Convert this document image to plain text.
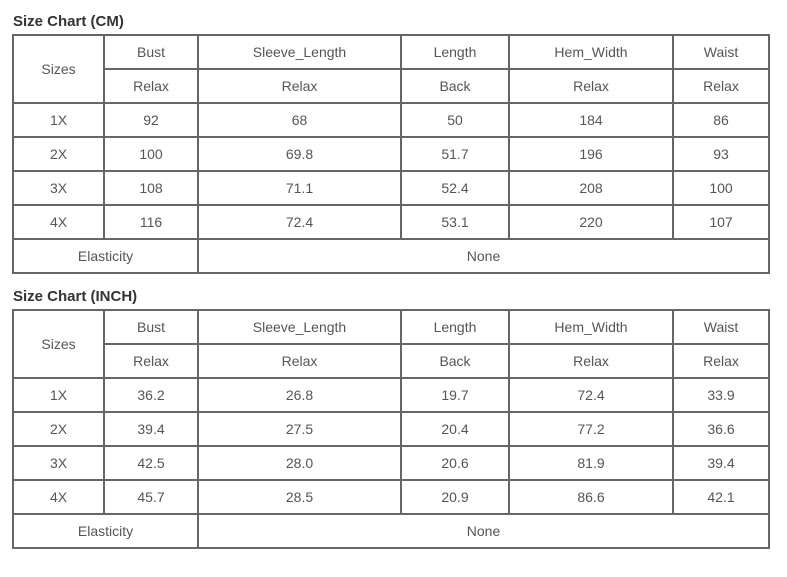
Size Chart (CM)
Sizes	Bust	Sleeve_Length	Length	Hem_Width	Waist
	Relax	Relax	Back	Relax	Relax
1X	92	68	50	184	86
2X	100	69.8	51.7	196	93
3X	108	71.1	52.4	208	100
4X	116	72.4	53.1	220	107
Elasticity		None			
Size Chart (INCH)
Sizes	Bust	Sleeve_Length	Length	Hem_Width	Waist
	Relax	Relax	Back	Relax	Relax
1X	36.2	26.8	19.7	72.4	33.9
2X	39.4	27.5	20.4	77.2	36.6
3X	42.5	28.0	20.6	81.9	39.4
4X	45.7	28.5	20.9	86.6	42.1
Elasticity		None			
